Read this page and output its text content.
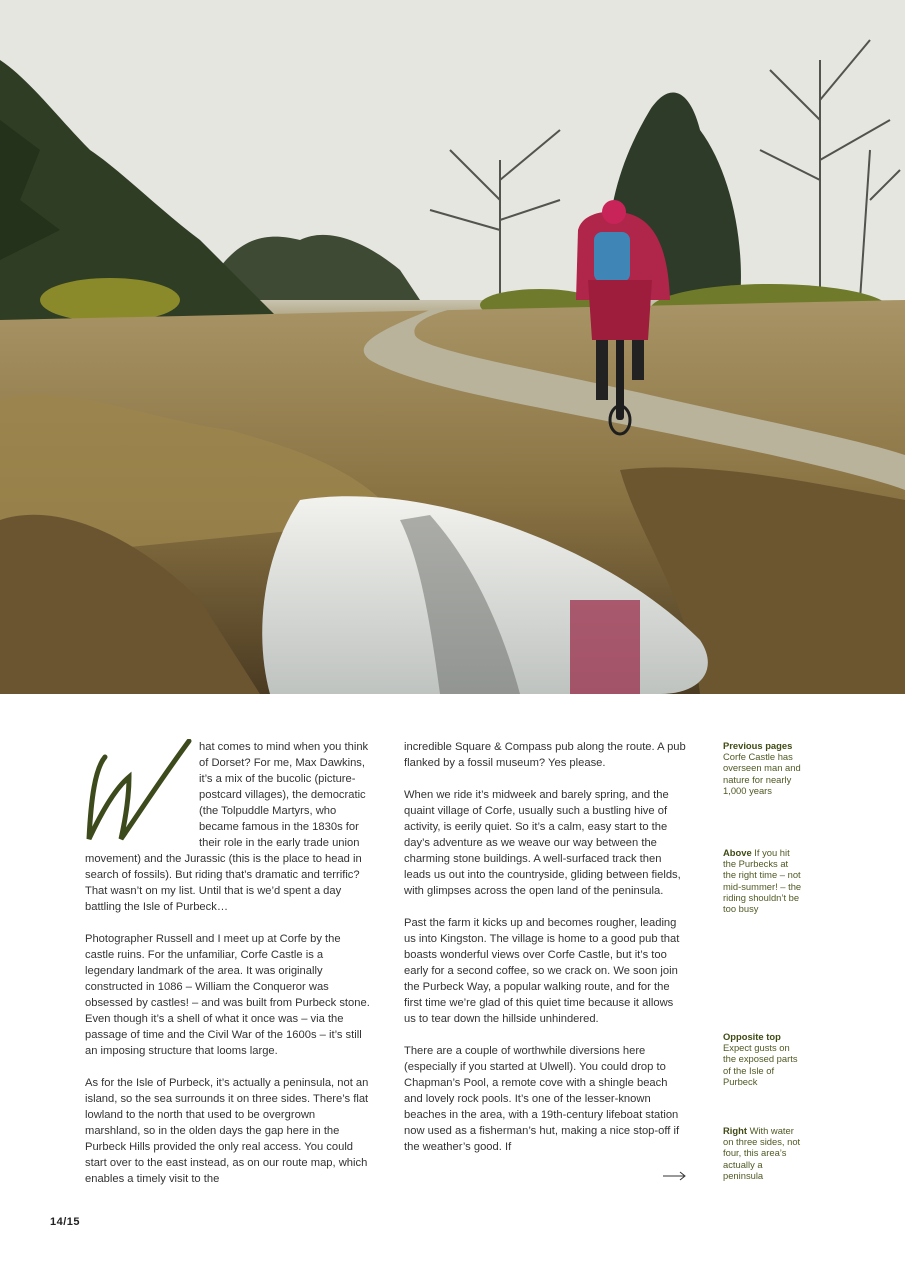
hat comes to mind when you think of Dorset? For me, Max Dawkins, it’s a mix of the bucolic (picture-postcard villages), the democratic (the Tolpuddle Martyrs, who became famous in the 1830s for their role in the early trade union movement) and the Jurassic (this is the place to head in search of fossils). But riding that’s dramatic and terrific? That wasn’t on my list. Until that is we’d spent a day battling the Isle of Purbeck…

Photographer Russell and I meet up at Corfe by the castle ruins. For the unfamiliar, Corfe Castle is a legendary landmark of the area. It was originally constructed in 1086 – William the Conqueror was obsessed by castles! – and was built from Purbeck stone. Even though it’s a shell of what it once was – via the passage of time and the Civil War of the 1600s – it’s still an imposing structure that looms large.

As for the Isle of Purbeck, it’s actually a peninsula, not an island, so the sea surrounds it on three sides. There’s flat lowland to the north that used to be overgrown marshland, so in the olden days the gap here in the Purbeck Hills provided the only real access. You could start over to the east instead, as on our route map, which enables a timely visit to the

incredible Square & Compass pub along the route. A pub flanked by a fossil museum? Yes please.

When we ride it’s midweek and barely spring, and the quaint village of Corfe, usually such a bustling hive of activity, is eerily quiet. So it’s a calm, easy start to the day’s adventure as we weave our way between the charming stone buildings. A well-surfaced track then leads us out into the countryside, gliding between fields, with glimpses across the open land of the peninsula.

Past the farm it kicks up and becomes rougher, leading us into Kingston. The village is home to a good pub that boasts wonderful views over Corfe Castle, but it’s too early for a second coffee, so we crack on. We soon join the Purbeck Way, a popular walking route, and for the first time we’re glad of this quiet time because it allows us to tear down the hillside unhindered.

There are a couple of worthwhile diversions here (especially if you started at Ulwell). You could drop to Chapman’s Pool, a remote cove with a shingle beach and lovely rock pools. It’s one of the lesser-known beaches in the area, with a 19th-century lifeboat station now used as a fisherman’s hut, making a nice stop-off if the weather’s good. If

Previous pages
Corfe Castle has overseen man and nature for nearly 1,000 years
Above If you hit the Purbecks at the right time – not mid-summer! – the riding shouldn’t be too busy
Opposite top
Expect gusts on the exposed parts of the Isle of Purbeck
Right With water on three sides, not four, this area’s actually a peninsula
14/15
